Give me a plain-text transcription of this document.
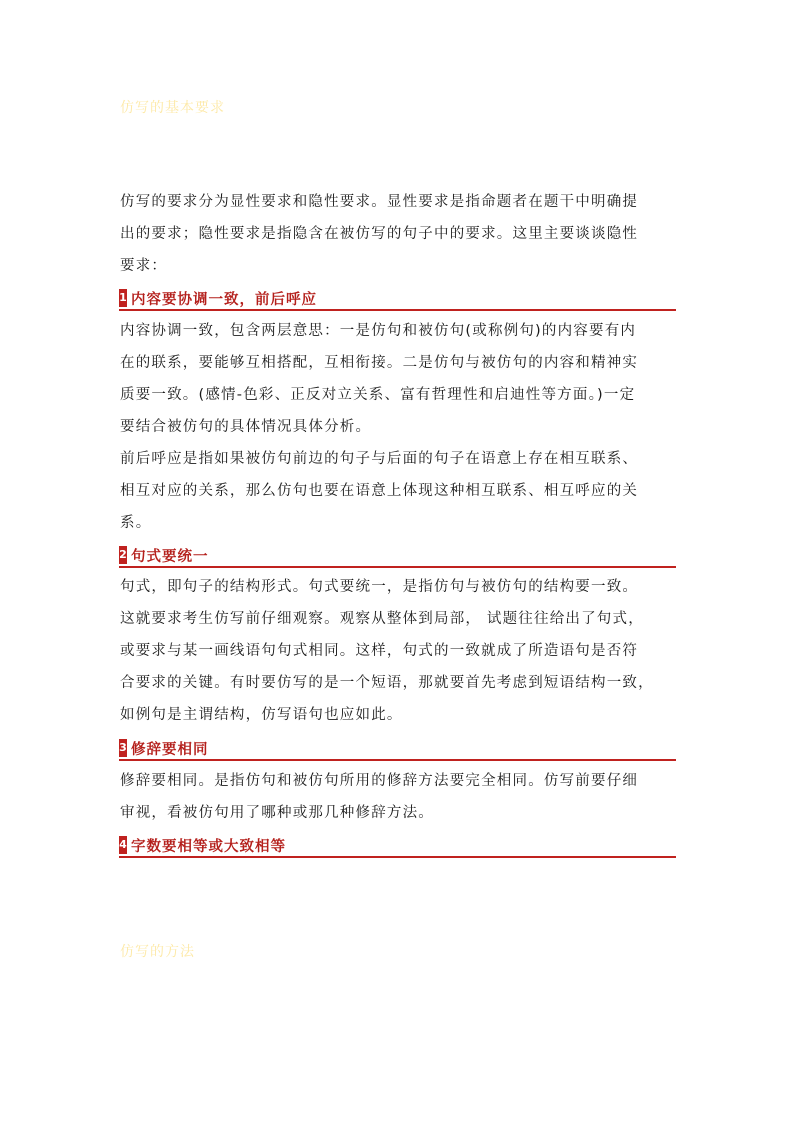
仿写的基本要求
仿写的要求分为显性要求和隐性要求。显性要求是指命题者在题干中明确提
出的要求；隐性要求是指隐含在被仿写的句子中的要求。这里主要谈谈隐性
要求：
1 内容要协调一致，前后呼应
内容协调一致，包含两层意思：一是仿句和被仿句(或称例句)的内容要有内
在的联系，要能够互相搭配，互相衔接。二是仿句与被仿句的内容和精神实
质要一致。(感情-色彩、正反对立关系、富有哲理性和启迪性等方面。)一定
要结合被仿句的具体情况具体分析。
前后呼应是指如果被仿句前边的句子与后面的句子在语意上存在相互联系、
相互对应的关系，那么仿句也要在语意上体现这种相互联系、相互呼应的关
系。
2 句式要统一
句式，即句子的结构形式。句式要统一，是指仿句与被仿句的结构要一致。
这就要求考生仿写前仔细观察。观察从整体到局部， 试题往往给出了句式，
或要求与某一画线语句句式相同。这样，句式的一致就成了所造语句是否符
合要求的关键。有时要仿写的是一个短语，那就要首先考虑到短语结构一致，
如例句是主谓结构，仿写语句也应如此。
3 修辞要相同
修辞要相同。是指仿句和被仿句所用的修辞方法要完全相同。仿写前要仔细
审视，看被仿句用了哪种或那几种修辞方法。
4 字数要相等或大致相等
仿写的方法
